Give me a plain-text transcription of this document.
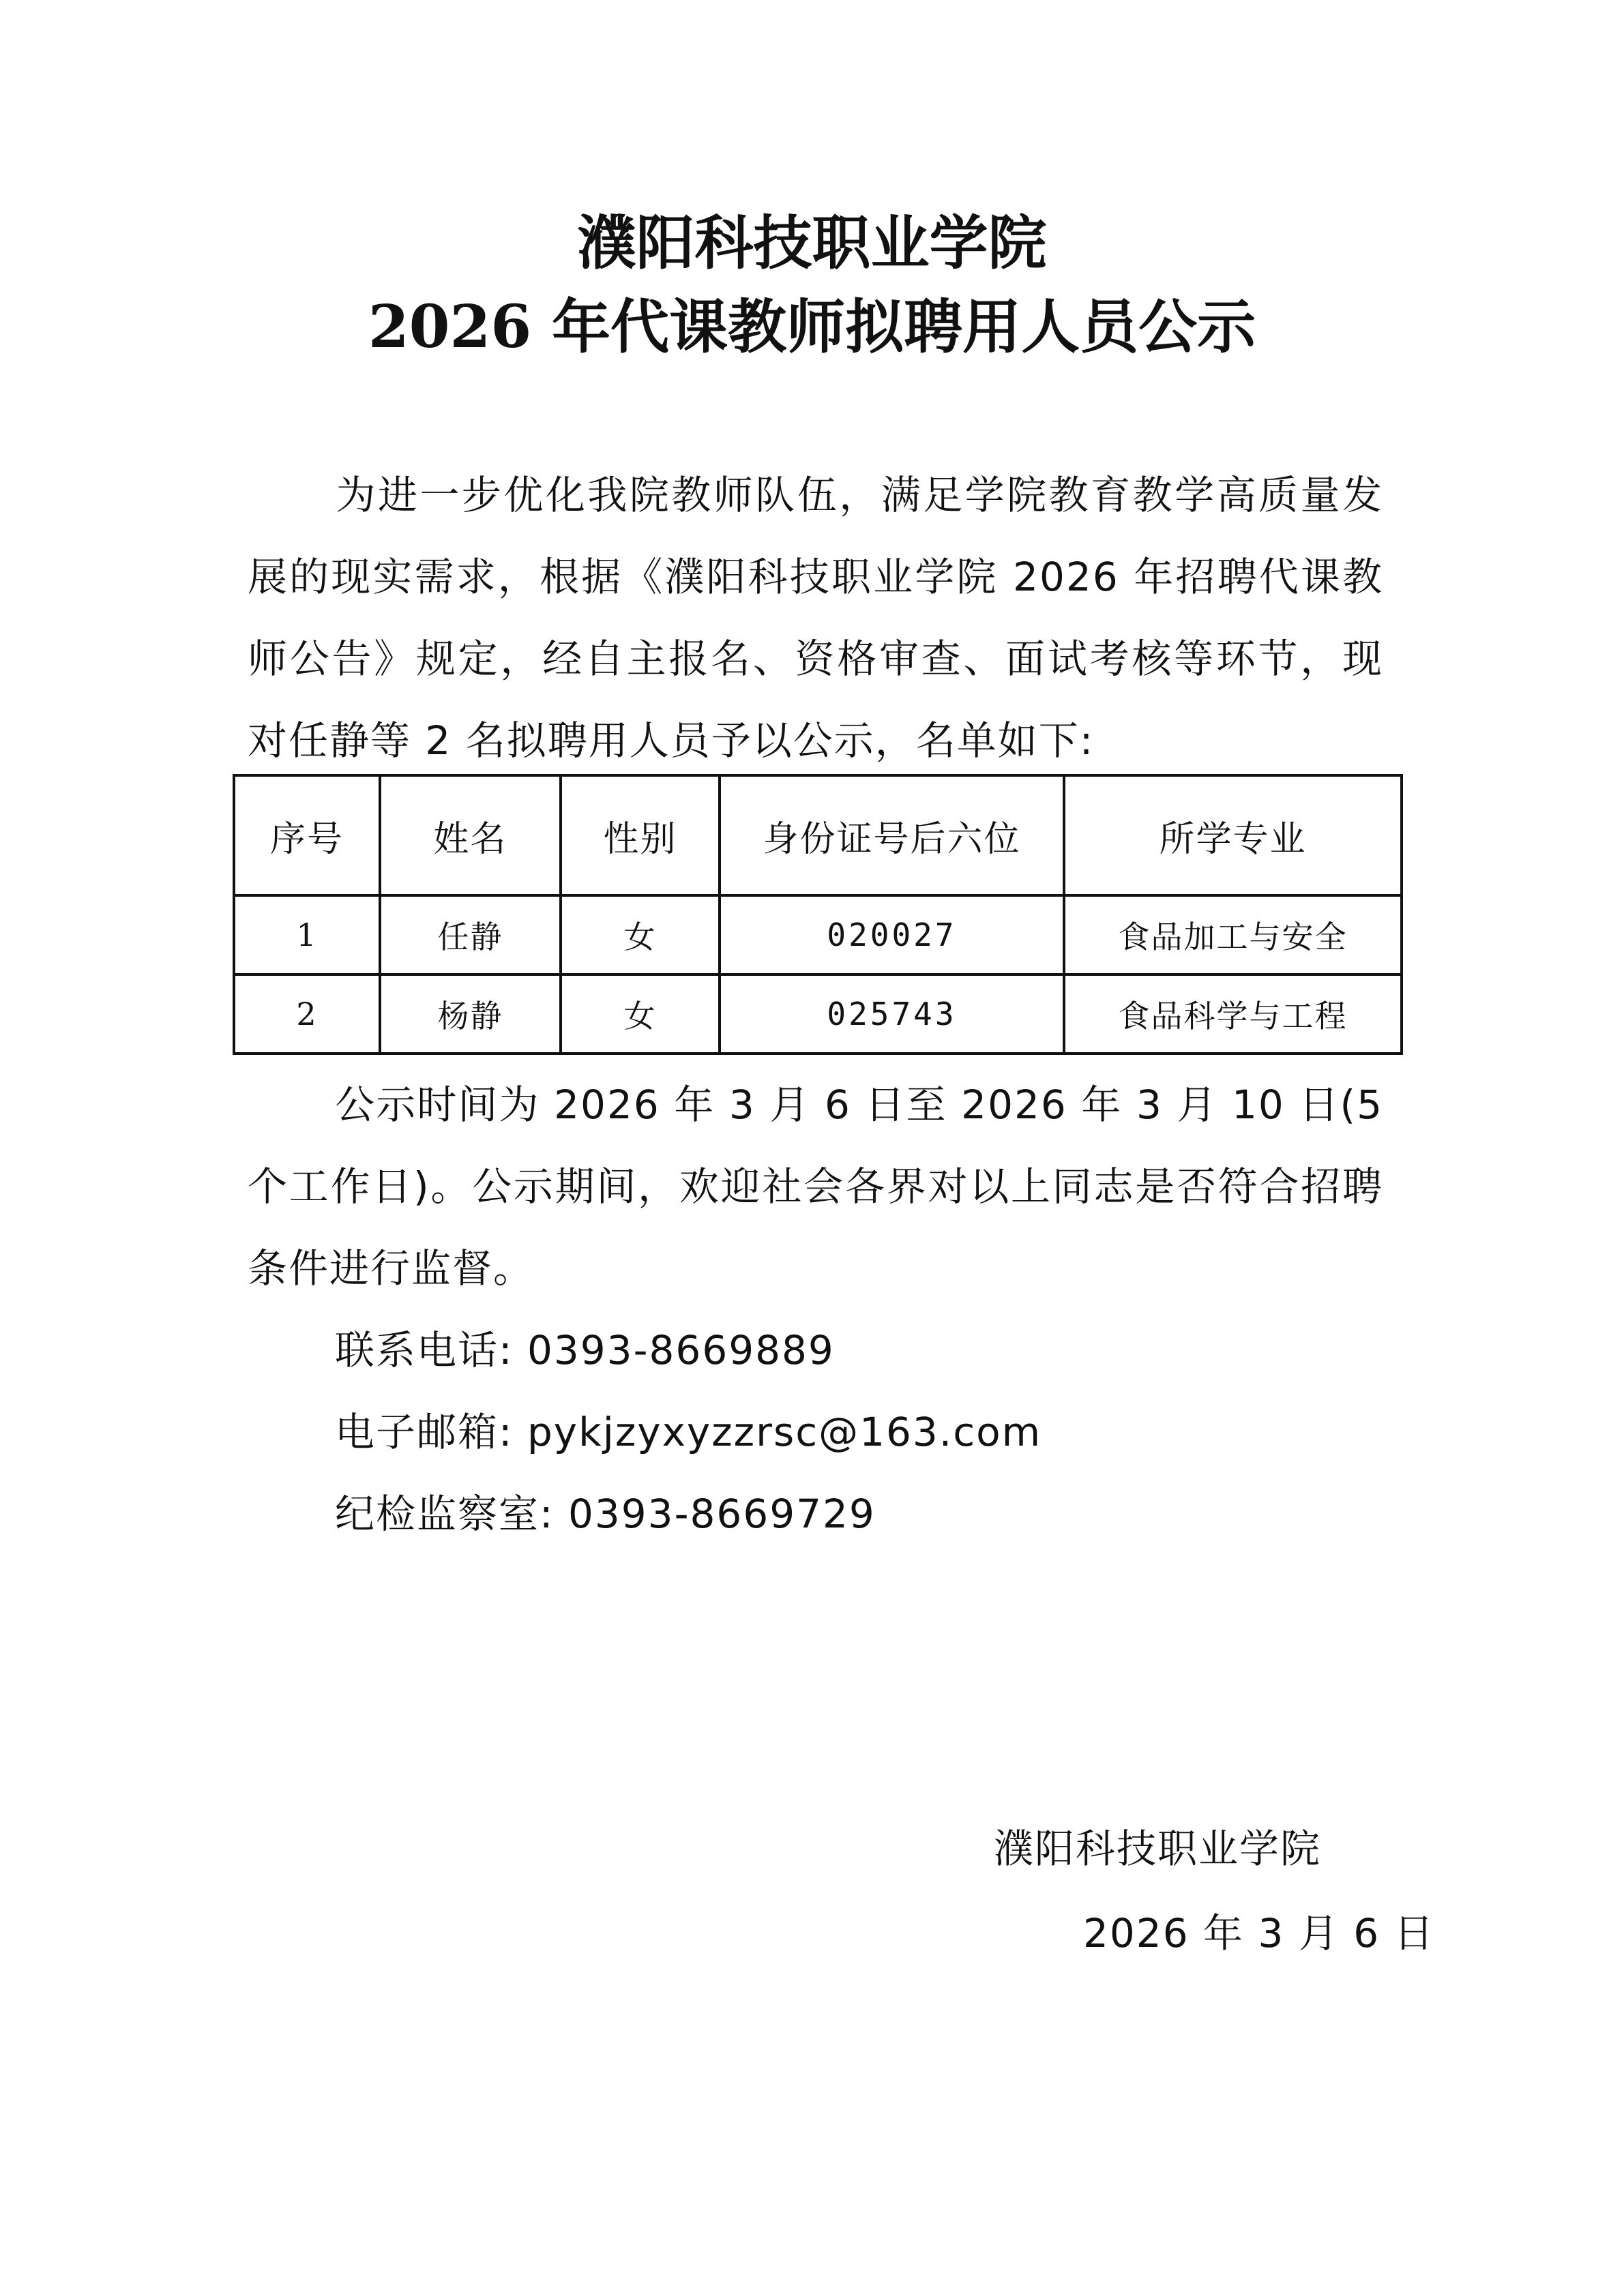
濮阳科技职业学院
2026 年代课教师拟聘用人员公示
为进一步优化我院教师队伍，满足学院教育教学高质量发展的现实需求，根据《濮阳科技职业学院 2026 年招聘代课教师公告》规定，经自主报名、资格审查、面试考核等环节，现对任静等 2 名拟聘用人员予以公示，名单如下:
序号	姓名	性别	身份证号后六位	所学专业
1	任静	女	020027	食品加工与安全
2	杨静	女	025743	食品科学与工程
公示时间为 2026 年 3 月 6 日至 2026 年 3 月 10 日(5 个工作日)。公示期间，欢迎社会各界对以上同志是否符合招聘条件进行监督。
联系电话: 0393-8669889
电子邮箱: pykjzyxyzzrsc@163.com
纪检监察室: 0393-8669729
濮阳科技职业学院
2026 年 3 月 6 日
